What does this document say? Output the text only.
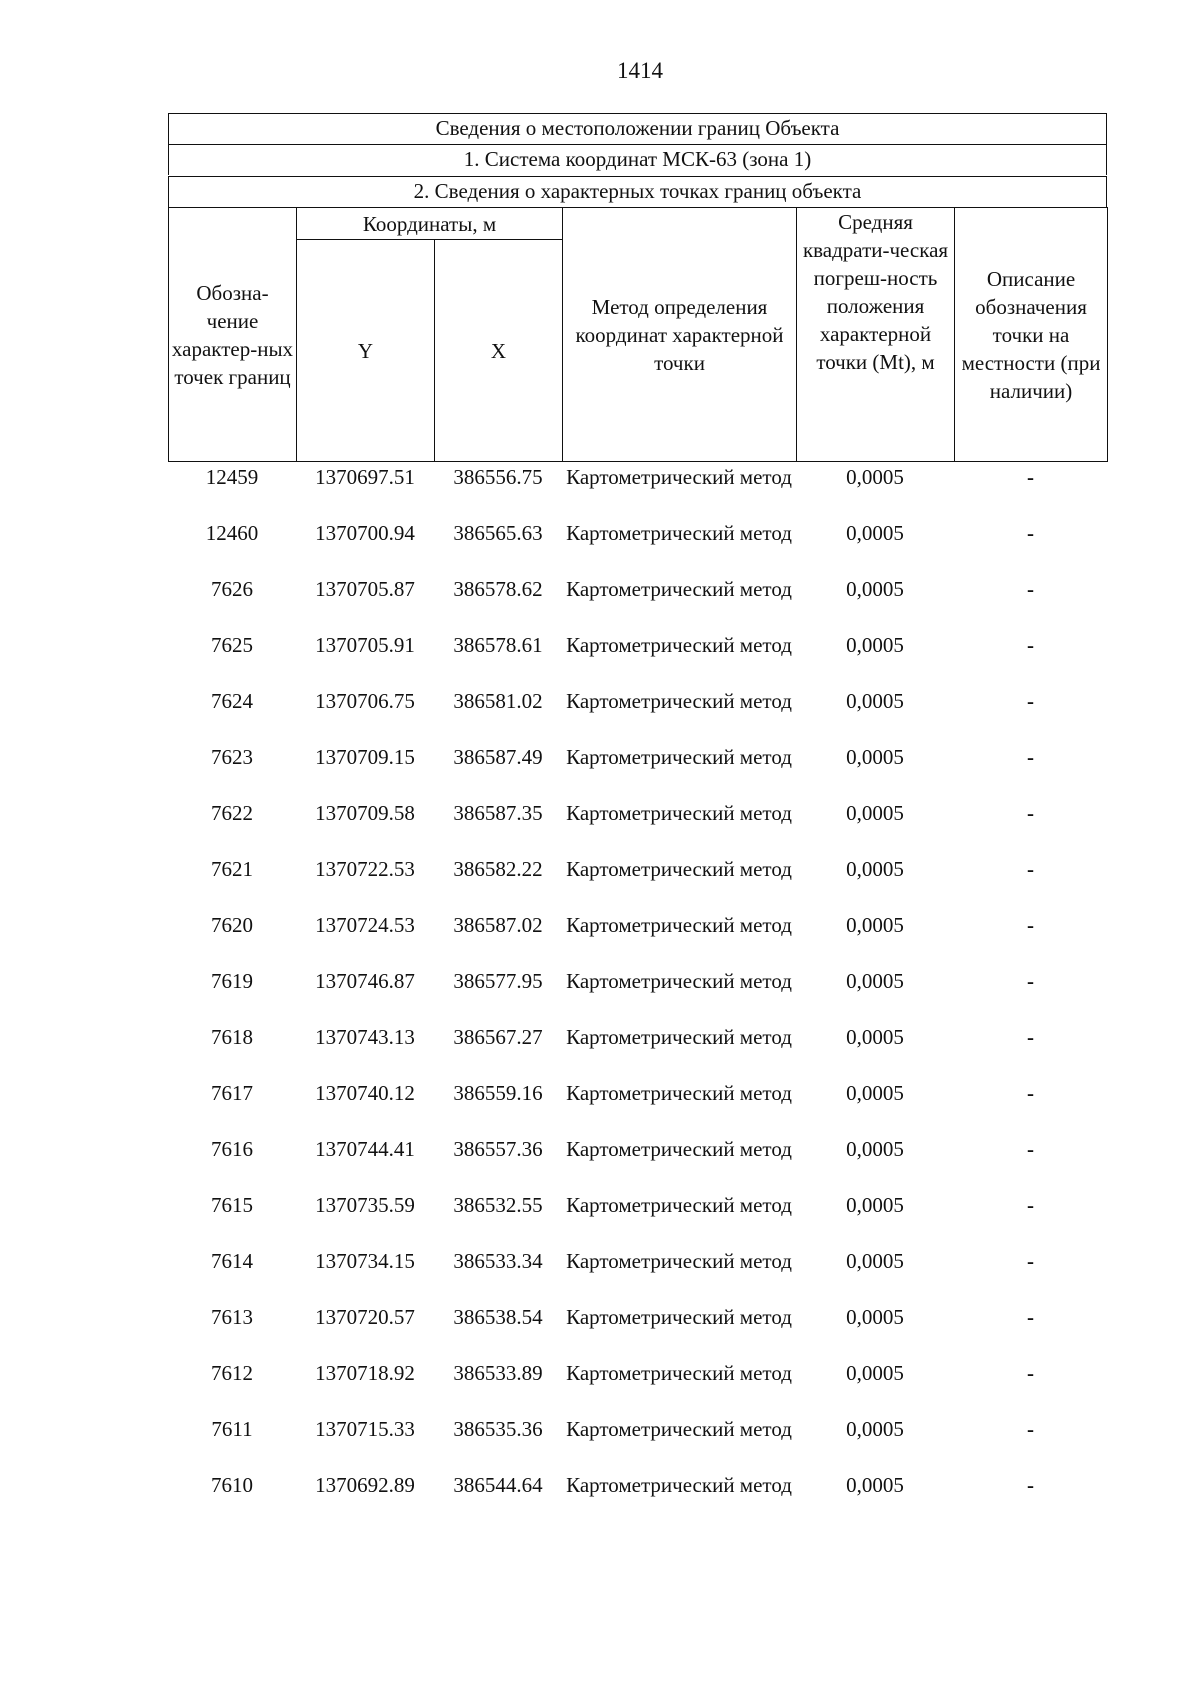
1414
Сведения о местоположении границ Объекта
1. Система координат МСК-63 (зона 1)
2. Сведения о характерных точках границ объекта
Обозна-чение характер-ных точек границ	Координаты, м		Метод определения координат характерной точки	Средняя квадрати-ческая погреш-ность положения характерной точки (Mt), м	Описание обозначения точки на местности (при наличии)
	Y	X			
12459	1370697.51	386556.75	Картометрический метод	0,0005	-
12460	1370700.94	386565.63	Картометрический метод	0,0005	-
7626	1370705.87	386578.62	Картометрический метод	0,0005	-
7625	1370705.91	386578.61	Картометрический метод	0,0005	-
7624	1370706.75	386581.02	Картометрический метод	0,0005	-
7623	1370709.15	386587.49	Картометрический метод	0,0005	-
7622	1370709.58	386587.35	Картометрический метод	0,0005	-
7621	1370722.53	386582.22	Картометрический метод	0,0005	-
7620	1370724.53	386587.02	Картометрический метод	0,0005	-
7619	1370746.87	386577.95	Картометрический метод	0,0005	-
7618	1370743.13	386567.27	Картометрический метод	0,0005	-
7617	1370740.12	386559.16	Картометрический метод	0,0005	-
7616	1370744.41	386557.36	Картометрический метод	0,0005	-
7615	1370735.59	386532.55	Картометрический метод	0,0005	-
7614	1370734.15	386533.34	Картометрический метод	0,0005	-
7613	1370720.57	386538.54	Картометрический метод	0,0005	-
7612	1370718.92	386533.89	Картометрический метод	0,0005	-
7611	1370715.33	386535.36	Картометрический метод	0,0005	-
7610	1370692.89	386544.64	Картометрический метод	0,0005	-
